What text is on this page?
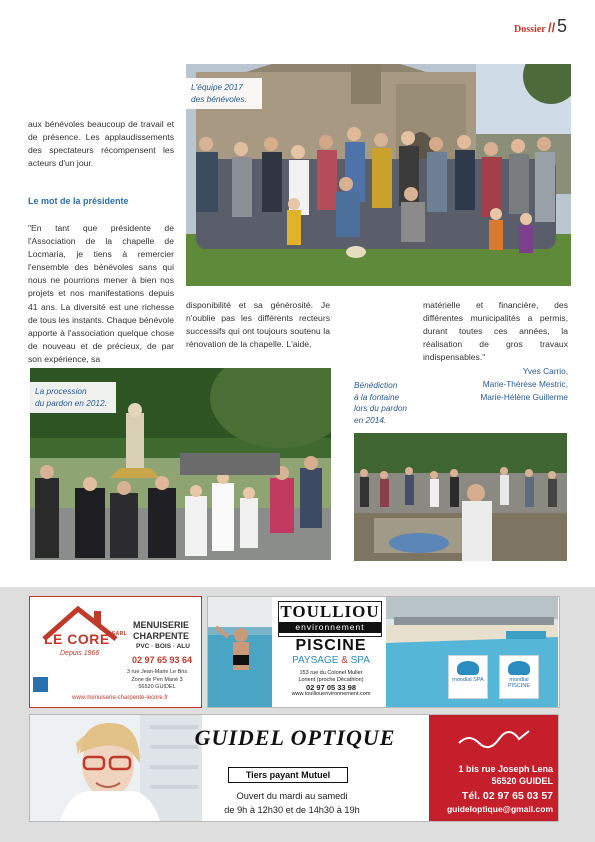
Dossier // 5
L'équipe 2017
des bénévoles.
aux bénévoles beaucoup de travail et de présence. Les applaudissements des spectateurs récompensent les acteurs d'un jour.
Le mot de la présidente
"En tant que présidente de l'Association de la chapelle de Locmaria, je tiens à remercier l'ensemble des bénévoles sans qui nous ne pourrions mener à bien nos projets et nos manifestations depuis 41 ans. La diversité est une richesse de tous les instants. Chaque bénévole apporte à l'association quelque chose de nouveau et de précieux, de par son expérience, sa
disponibilité et sa générosité. Je n'oublie pas les différents recteurs successifs qui ont toujours soutenu la rénovation de la chapelle. L'aide,
matérielle et financière, des différentes municipalités a permis, durant toutes ces années, la réalisation de gros travaux indispensables."
Yves Carrio,
Marie-Thérèse Mestric,
Marie-Hélène Guillerme
La procession
du pardon en 2012.
Bénédiction
à la fontaine
lors du pardon
en 2014.
LE CORE $^{SARL}$
Depuis 1966
MENUISERIE
CHARPENTE
PVC · BOIS · ALU
02 97 65 93 64
3 rue Jean-Marie Le Bris
Zone de Pen Mané 3
56520 GUIDEL
www.menuiserie-charpente-lecore.fr
TOULLIOU
environnement
PISCINE
PAYSAGE & SPA
153 rue du Colonel Muller
Lorient (proche Décathlon)
02 97 05 33 98
www.toulliouenvironnement.com
mondial SPA	mondial PISCINE
GUIDEL OPTIQUE
Tiers payant Mutuel
Ouvert du mardi au samedi
de 9h à 12h30 et de 14h30 à 19h
1 bis rue Joseph Lena
56520 GUIDEL
Tél. 02 97 65 03 57
guideloptique@gmail.com
